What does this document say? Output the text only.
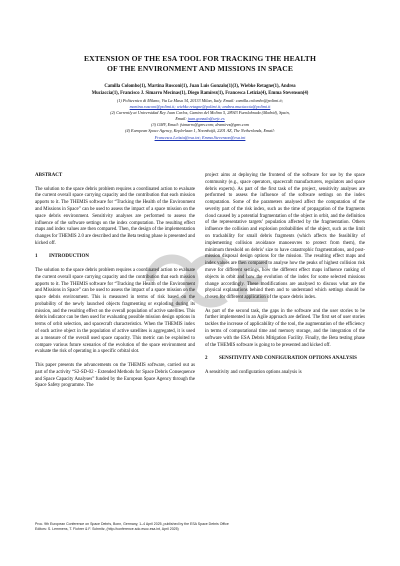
EXTENSION OF THE ESA TOOL FOR TRACKING THE HEALTH
OF THE ENVIRONMENT AND MISSIONS IN SPACE
Camilla Colombo(1), Martina Rusconi(1), Juan Luis Gonzalo(1)(3), Wiebke Retagne(1), Andrea
Muciaccia(1), Francisco J. Simarro Mecinas(1), Diego Ramírez(1), Francesca Letizia(4), Emma Stevenson(4)
(1) Politecnico di Milano, Via La Masa 34, 20133 Milan, Italy. Email: camilla.colombo@polimi.it;
martina.rusconi@polimi.it; wiebke.retagne@polimi.it; andrea.muciaccia@polimi.it
(2) Currently at Universidad Rey Juan Carlos, Camino del Molino 5, 28943 Fuenlabrada (Madrid), Spain,
Email: juan.gonzalo@urjc.es
(3) GMV, Email: fsimarro@gmv.com; dramirez@gmv.com
(4) European Space Agency, Keplerlaan 1, Noordwijk, 2201 AZ, The Netherlands, Email:
Francesca.Letizia@esa.int; Emma.Stevenson@esa.int
ABSTRACT

The solution to the space debris problem requires a coordinated action to evaluate the current overall space carrying capacity and the contribution that each mission apports to it. The THEMIS software for “Tracking the Health of the Environment and Missions in Space” can be used to assess the impact of a space mission on the space debris environment. Sensitivity analyses are performed to assess the influence of the software settings on the index computation. The resulting effect maps and index values are then compared. Then, the design of the implementation changes for THEMIS 2.0 are described and the Beta testing phase is presented and kicked off.

1 INTRODUCTION

The solution to the space debris problem requires a coordinated action to evaluate the current overall space carrying capacity and the contribution that each mission apports to it. The THEMIS software for “Tracking the Health of the Environment and Missions in Space” can be used to assess the impact of a space mission on the space debris environment. This is measured in terms of risk based on the probability of the newly launched objects fragmenting or exploding during its mission, and the resulting effect on the overall population of active satellites. This debris indicator can be then used for evaluating possible mission design options in terms of orbit selection, and spacecraft characteristics. When the THEMIS index of each active object in the population of active satellites is aggregated, it is used as a measure of the overall used space capacity. This metric can be exploited to compare various future scenarios of the evolution of the space environment and evaluate the risk of operating in a specific orbital slot.

This paper presents the advancements on the THEMIS software, carried out as part of the activity “S2-SD-02 - Extended Methods for Space Debris Consequence and Space Capacity Analyses” funded by the European Space Agency through the Space Safety programme. The

project aims at deploying the frontend of the software for use by the space community (e.g., space operators, spacecraft manufacturers, regulators and space debris experts). As part of the first task of the project, sensitivity analyses are performed to assess the influence of the software settings on the index computation. Some of the parameters analysed affect the computation of the severity part of the risk index, such as the time of propagation of the fragments cloud caused by a potential fragmentation of the object in orbit, and the definition of the representative targets’ population affected by the fragmentation. Others influence the collision and explosion probabilities of the object, such as the limit on trackability for small debris fragments (which affects the feasibility of implementing collision avoidance manoeuvres to protect from them), the minimum threshold on debris’ size to have catastrophic fragmentations, and post-mission disposal design options for the mission. The resulting effect maps and index values are then compared to analyse how the peaks of highest collision risk move for different settings, how the different effect maps influence ranking of objects in orbit and how the evolution of the index for some selected missions change accordingly. These modifications are analysed to discuss what are the physical explanations behind them and to understand which settings should be chosen for different application of the space debris index.

As part of the second task, the gaps in the software and the user stories to be further implemented in an Agile approach are defined. The first set of user stories tackles the increase of applicability of the tool, the augmentation of the efficiency in terms of computational time and memory storage, and the integration of the software with the ESA Debris Mitigation Facility. Finally, the Beta testing phase of the THEMIS software is going to be presented and kicked off.

2	SENSITIVITY AND CONFIGURATION OPTIONS ANALYSIS

A sensitivity and configuration options analysis is

Proc. 9th European Conference on Space Debris, Bonn, Germany, 1–4 April 2025, published by the ESA Space Debris Office
Editors: S. Lemmens, T. Flohrer & F. Schmitz, (http://conference.sdo.esoc.esa.int, April 2025)
